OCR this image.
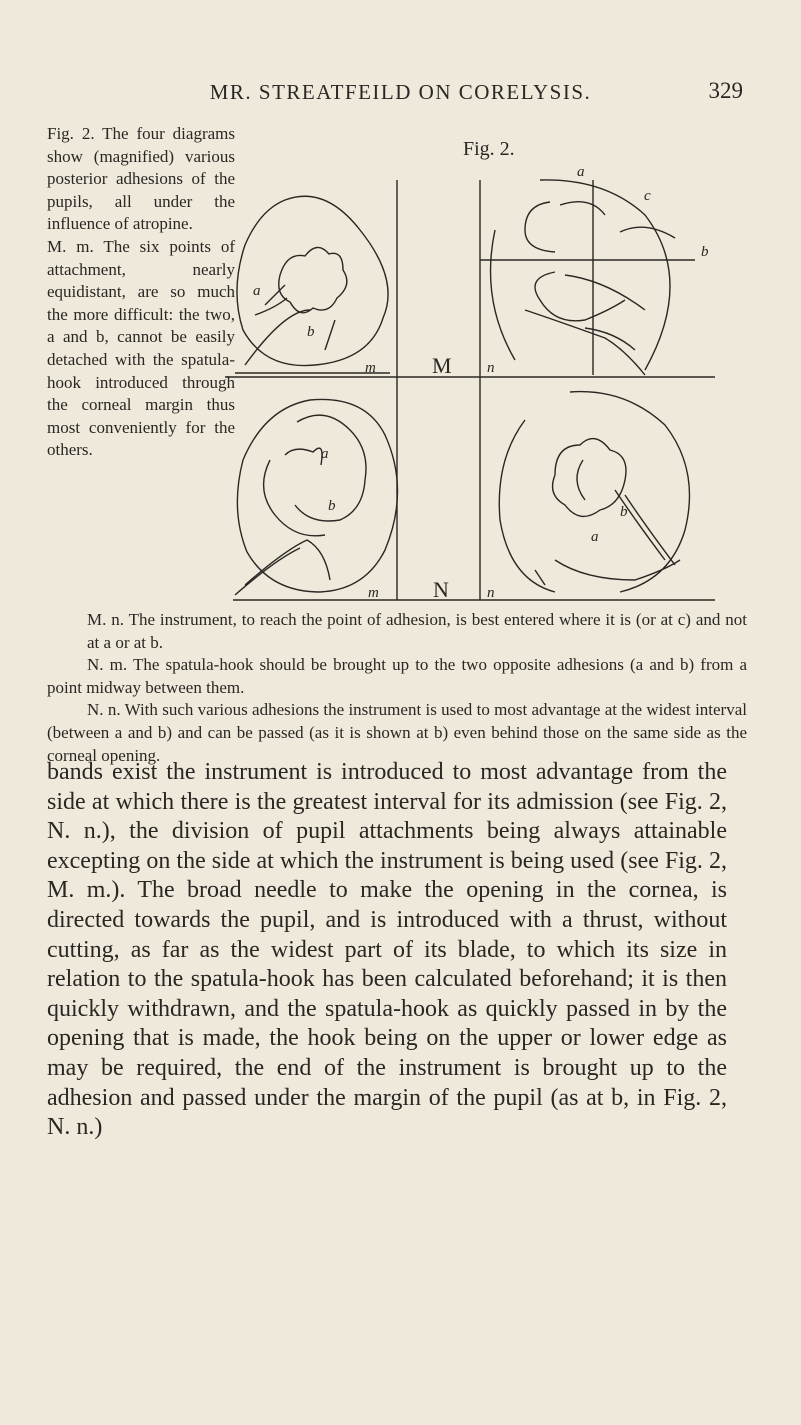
MR. STREATFEILD ON CORELYSIS.	329

Fig. 2. The four diagrams show (magnified) various posterior adhesions of the pupils, all under the influence of atropine.

M. m. The six points of attachment, nearly equidistant, are so much the more difficult: the two, a and b, cannot be easily detached with the spatula-hook introduced through the corneal margin thus most conveniently for the others.

Fig. 2.
a
b
m
a
c
b
n
a
b
m
b
a
n
M
N

M. n. The instrument, to reach the point of adhesion, is best entered where it is (or at c) and not at a or at b.

N. m. The spatula-hook should be brought up to the two opposite adhesions (a and b) from a point midway between them.

N. n. With such various adhesions the instrument is used to most advantage at the widest interval (between a and b) and can be passed (as it is shown at b) even behind those on the same side as the corneal opening.

bands exist the instrument is introduced to most advantage from the side at which there is the greatest interval for its admission (see Fig. 2, N. n.), the division of pupil attachments being always attainable excepting on the side at which the instrument is being used (see Fig. 2, M. m.). The broad needle to make the opening in the cornea, is directed towards the pupil, and is introduced with a thrust, without cutting, as far as the widest part of its blade, to which its size in relation to the spatula-hook has been calculated beforehand; it is then quickly withdrawn, and the spatula-hook as quickly passed in by the opening that is made, the hook being on the upper or lower edge as may be required, the end of the instrument is brought up to the adhesion and passed under the margin of the pupil (as at b, in Fig. 2, N. n.)
